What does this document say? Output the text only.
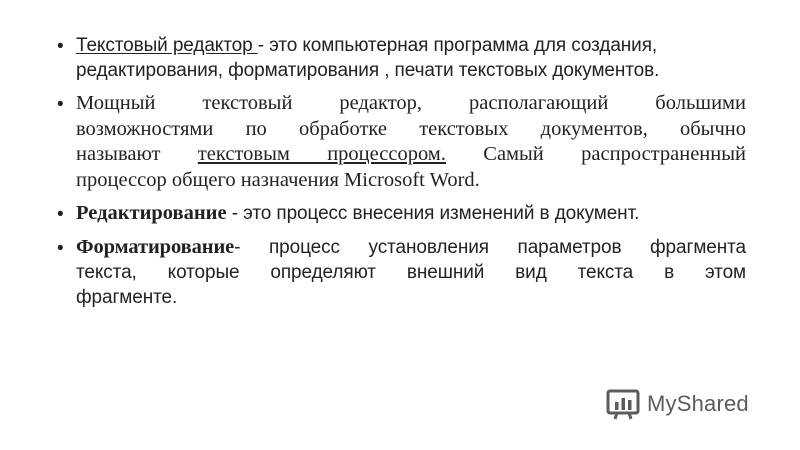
• Текстовый редактор - это компьютерная программа для создания,
редактирования, форматирования , печати текстовых документов.
• Мощный текстовый редактор, располагающий большими
возможностями по обработке текстовых документов, обычно
называют текстовым процессором. Самый распространенный
процессор общего назначения Microsoft Word.
• Редактирование - это процесс внесения изменений в документ.
• Форматирование- процесс установления параметров фрагмента
текста, которые определяют внешний вид текста в этом
фрагменте.
MyShared
